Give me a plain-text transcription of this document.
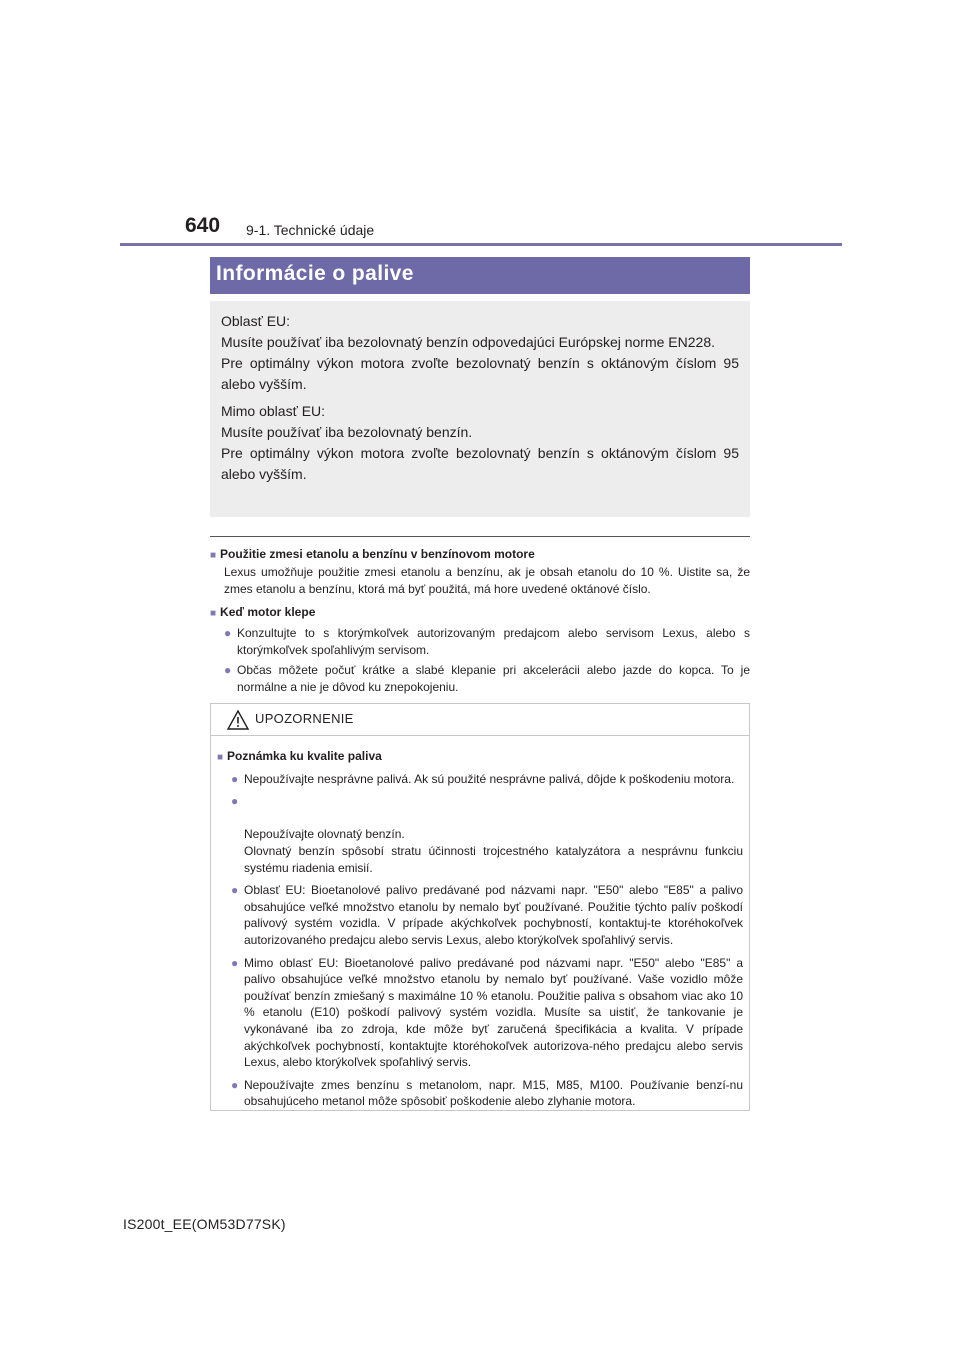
640 9-1. Technické údaje
Informácie o palive

Oblasť EU:

Musíte používať iba bezolovnatý benzín odpovedajúci Európskej norme EN228.

Pre optimálny výkon motora zvoľte bezolovnatý benzín s oktánovým číslom 95 alebo vyšším.

Mimo oblasť EU:

Musíte používať iba bezolovnatý benzín.

Pre optimálny výkon motora zvoľte bezolovnatý benzín s oktánovým číslom 95 alebo vyšším.

■ Použitie zmesi etanolu a benzínu v benzínovom motore
Lexus umožňuje použitie zmesi etanolu a benzínu, ak je obsah etanolu do 10 %. Uistite sa, že zmes etanolu a benzínu, ktorá má byť použitá, má hore uvedené oktánové číslo.
■ Keď motor klepe
● Konzultujte to s ktorýmkoľvek autorizovaným predajcom alebo servisom Lexus, alebo s ktorýmkoľvek spoľahlivým servisom.
● Občas môžete počuť krátke a slabé klepanie pri akcelerácii alebo jazde do kopca. To je normálne a nie je dôvod ku znepokojeniu.
UPOZORNENIE
■ Poznámka ku kvalite paliva
● Nepoužívajte nesprávne palivá. Ak sú použité nesprávne palivá, dôjde k poškodeniu motora.

●

Nepoužívajte olovnatý benzín.
Olovnatý benzín spôsobí stratu účinnosti trojcestného katalyzátora a nesprávnu funkciu systému riadenia emisií.

● Oblasť EU: Bioetanolové palivo predávané pod názvami napr. "E50" alebo "E85" a palivo obsahujúce veľké množstvo etanolu by nemalo byť používané. Použitie týchto palív poškodí palivový systém vozidla. V prípade akýchkoľvek pochybností, kontaktuj-te ktoréhokoľvek autorizovaného predajcu alebo servis Lexus, alebo ktorýkoľvek spoľahlivý servis.
● Mimo oblasť EU: Bioetanolové palivo predávané pod názvami napr. "E50" alebo "E85" a palivo obsahujúce veľké množstvo etanolu by nemalo byť používané. Vaše vozidlo môže používať benzín zmiešaný s maximálne 10 % etanolu. Použitie paliva s obsahom viac ako 10 % etanolu (E10) poškodí palivový systém vozidla. Musíte sa uistiť, že tankovanie je vykonávané iba zo zdroja, kde môže byť zaručená špecifikácia a kvalita. V prípade akýchkoľvek pochybností, kontaktujte ktoréhokoľvek autorizova-ného predajcu alebo servis Lexus, alebo ktorýkoľvek spoľahlivý servis.
● Nepoužívajte zmes benzínu s metanolom, napr. M15, M85, M100. Používanie benzí-nu obsahujúceho metanol môže spôsobiť poškodenie alebo zlyhanie motora.
IS200t_EE(OM53D77SK)
